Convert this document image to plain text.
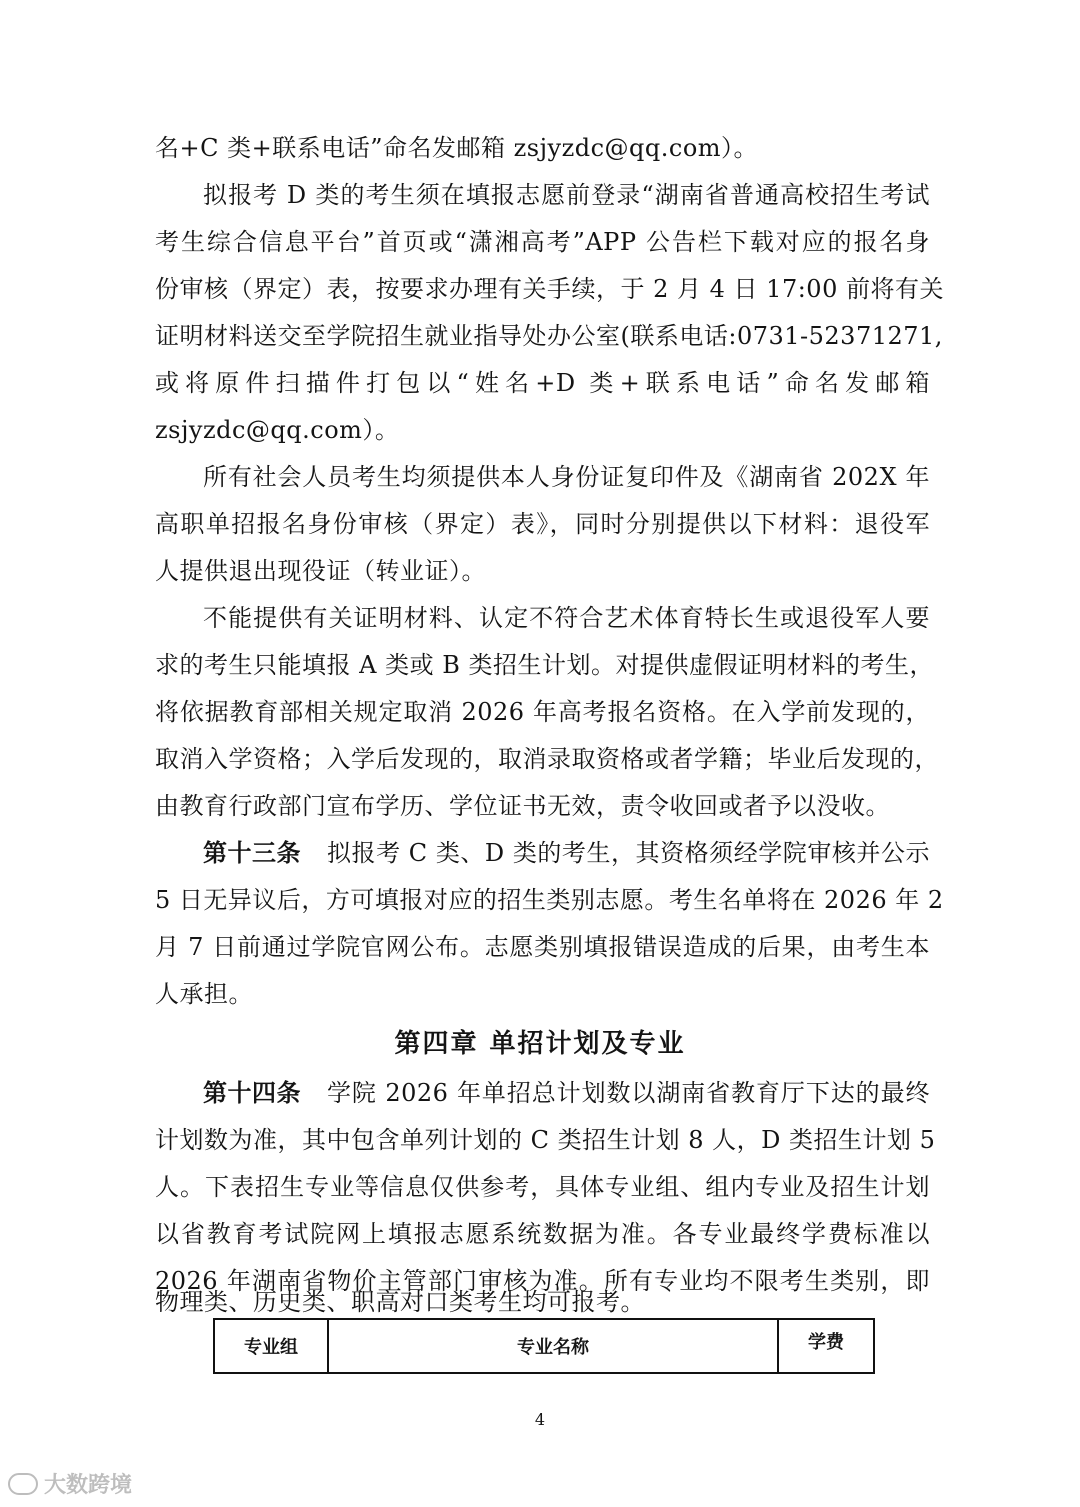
名+C 类+联系电话”命名发邮箱 zsjyzdc@qq.com）。
拟报考 D 类的考生须在填报志愿前登录“湖南省普通高校招生考试
考生综合信息平台”首页或“潇湘高考”APP 公告栏下载对应的报名身
份审核（界定）表，按要求办理有关手续，于 2 月 4 日 17:00 前将有关
证明材料送交至学院招生就业指导处办公室(联系电话:0731-52371271,
或将原件扫描件打包以“姓名+D 类+联系电话”命名发邮箱
zsjyzdc@qq.com）。
所有社会人员考生均须提供本人身份证复印件及《湖南省 202X 年
高职单招报名身份审核（界定）表》，同时分别提供以下材料：退役军
人提供退出现役证（转业证）。
不能提供有关证明材料、认定不符合艺术体育特长生或退役军人要
求的考生只能填报 A 类或 B 类招生计划。对提供虚假证明材料的考生，
将依据教育部相关规定取消 2026 年高考报名资格。在入学前发现的，
取消入学资格；入学后发现的，取消录取资格或者学籍；毕业后发现的，
由教育行政部门宣布学历、学位证书无效，责令收回或者予以没收。
第十三条 拟报考 C 类、D 类的考生，其资格须经学院审核并公示
5 日无异议后，方可填报对应的招生类别志愿。考生名单将在 2026 年 2
月 7 日前通过学院官网公布。志愿类别填报错误造成的后果，由考生本
人承担。
第四章 单招计划及专业
第十四条 学院 2026 年单招总计划数以湖南省教育厅下达的最终
计划数为准，其中包含单列计划的 C 类招生计划 8 人，D 类招生计划 5
人。下表招生专业等信息仅供参考，具体专业组、组内专业及招生计划
以省教育考试院网上填报志愿系统数据为准。各专业最终学费标准以
2026 年湖南省物价主管部门审核为准。所有专业均不限考生类别，即
物理类、历史类、职高对口类考生均可报考。
专业组	专业名称	学费
4
大数跨境
